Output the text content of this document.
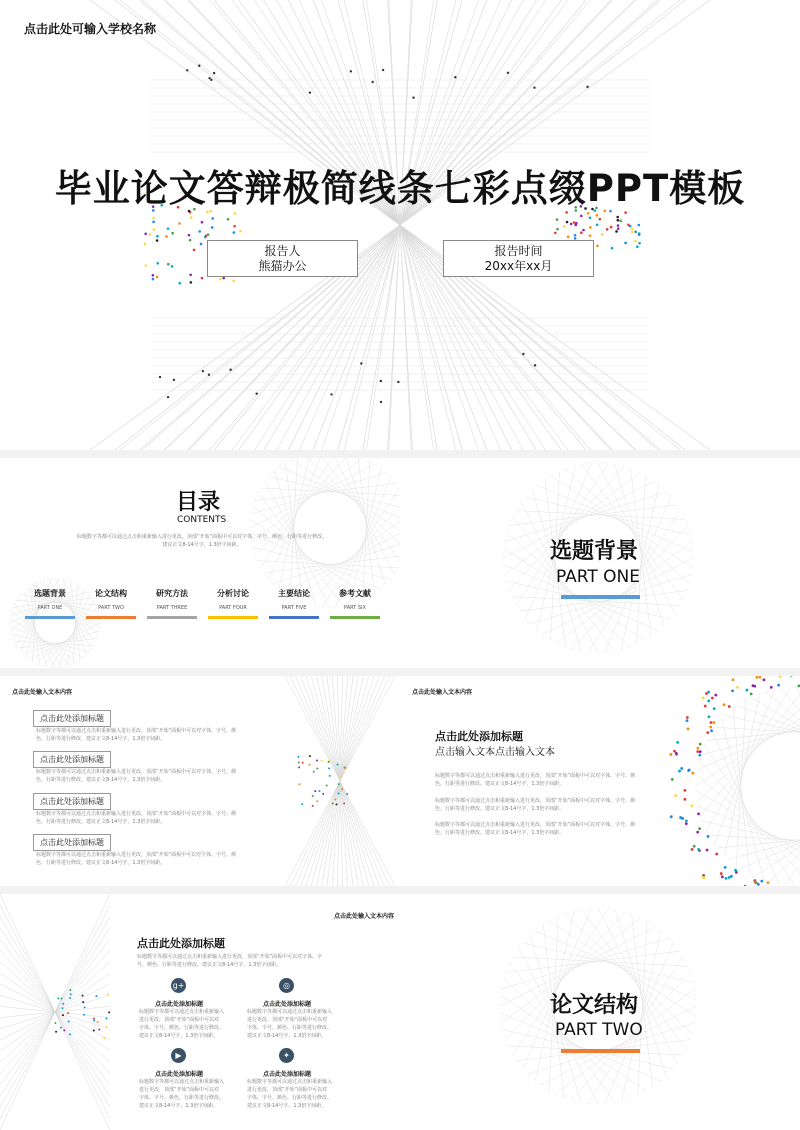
点击此处可输入学校名称
毕业论文答辩极简线条七彩点缀PPT模板
报告人
熊猫办公
报告时间
20xx年xx月
目录
CONTENTS
标题数字等都可以通过点击和重新输入进行更改，顶部“开始”面板中可以对字体、字号、颜色、行距等进行修改。
建议正文8-14号字，1.3倍字间距。
选题背景
PART ONE
论文结构
PART TWO
研究方法
PART THREE
分析讨论
PART FOUR
主要结论
PART FIVE
参考文献
PART SIX
选题背景
PART ONE
点击此处输入文本内容
点击此处添加标题
标题数字等都可以通过点击和重新输入进行更改，顶部“开始”面板中可以对字体、字号、颜
色、行距等进行修改。建议正文8-14号字，1.3倍字间距。
点击此处添加标题
标题数字等都可以通过点击和重新输入进行更改，顶部“开始”面板中可以对字体、字号、颜
色、行距等进行修改。建议正文8-14号字，1.3倍字间距。
点击此处添加标题
标题数字等都可以通过点击和重新输入进行更改，顶部“开始”面板中可以对字体、字号、颜
色、行距等进行修改。建议正文8-14号字，1.3倍字间距。
点击此处添加标题
标题数字等都可以通过点击和重新输入进行更改，顶部“开始”面板中可以对字体、字号、颜
色、行距等进行修改。建议正文8-14号字，1.3倍字间距。
点击此处输入文本内容
点击此处添加标题
点击输入文本点击输入文本
标题数字等都可以通过点击和重新输入进行更改，顶部“开始”面板中可以对字体、字号、颜
色、行距等进行修改。建议正文8-14号字，1.3倍字间距。
标题数字等都可以通过点击和重新输入进行更改，顶部“开始”面板中可以对字体、字号、颜
色、行距等进行修改。建议正文8-14号字，1.3倍字间距。
标题数字等都可以通过点击和重新输入进行更改，顶部“开始”面板中可以对字体、字号、颜
色、行距等进行修改。建议正文8-14号字，1.3倍字间距。
点击此处输入文本内容
点击此处添加标题
标题数字等都可以通过点击和重新输入进行更改，顶部“开始”面板中可以对字体、字
号、颜色、行距等进行修改。建议正文8-14号字，1.3倍字间距。
g+
点击此处添加标题
标题数字等都可以通过点击和重新输入
进行更改，顶部“开始”面板中可以对
字体、字号、颜色、行距等进行修改。
建议正文8-14号字，1.3倍字间距。
◎
点击此处添加标题
标题数字等都可以通过点击和重新输入
进行更改，顶部“开始”面板中可以对
字体、字号、颜色、行距等进行修改。
建议正文8-14号字，1.3倍字间距。
▶
点击此处添加标题
标题数字等都可以通过点击和重新输入
进行更改，顶部“开始”面板中可以对
字体、字号、颜色、行距等进行修改。
建议正文8-14号字，1.3倍字间距。
✦
点击此处添加标题
标题数字等都可以通过点击和重新输入
进行更改，顶部“开始”面板中可以对
字体、字号、颜色、行距等进行修改。
建议正文8-14号字，1.3倍字间距。
论文结构
PART TWO
